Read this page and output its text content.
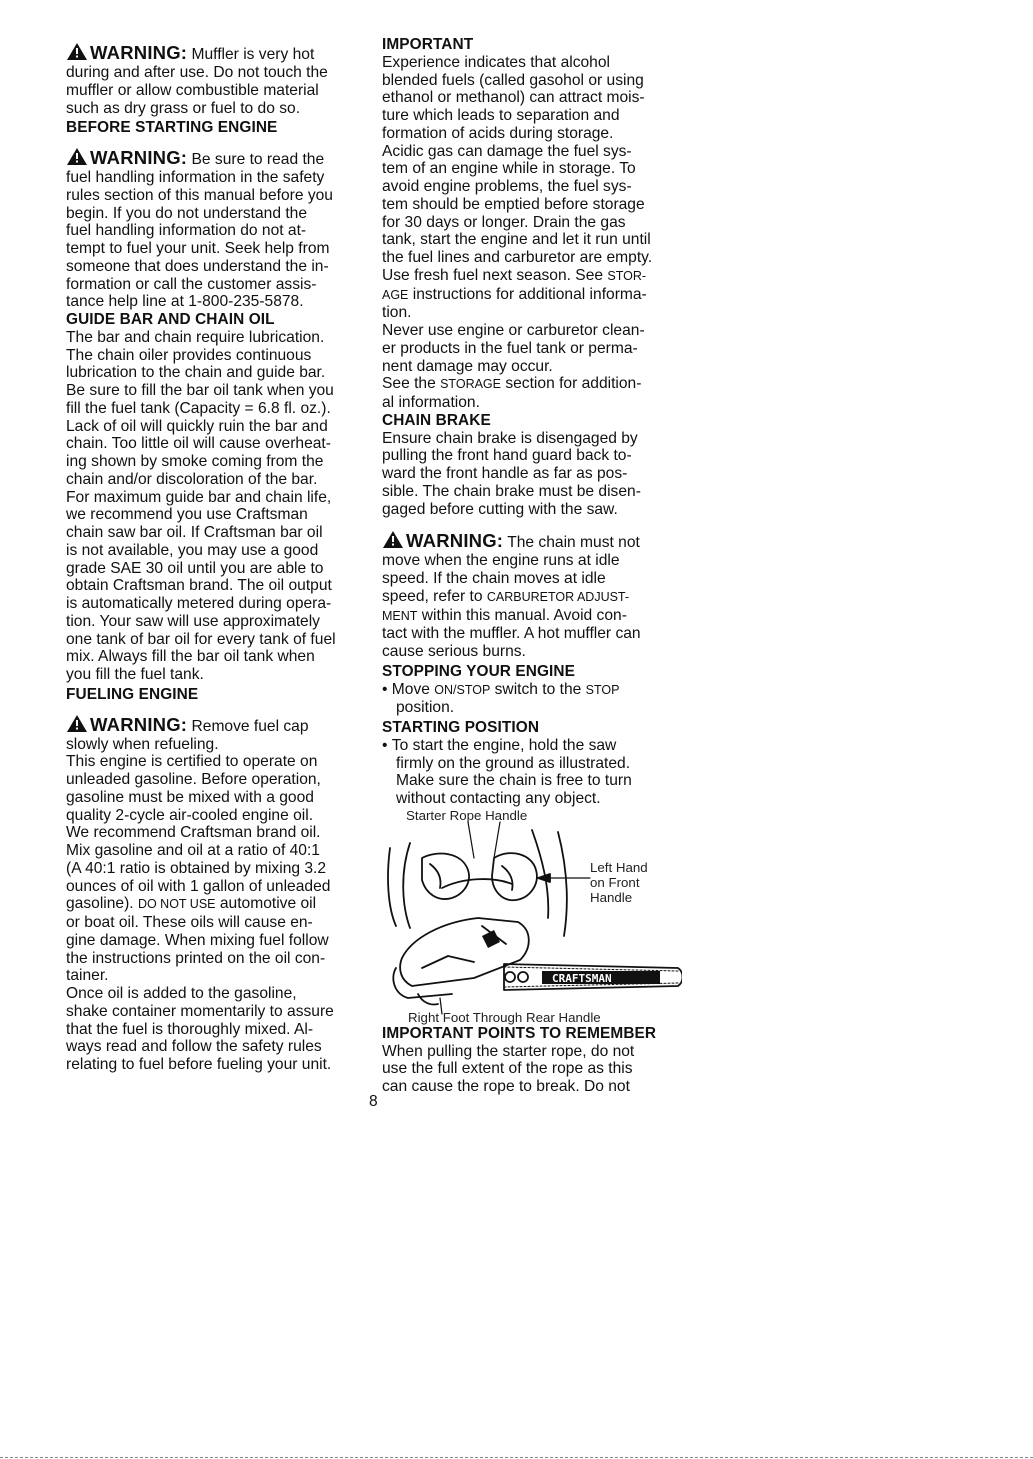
WARNING: Muffler is very hot
during and after use. Do not touch the
muffler or allow combustible material
such as dry grass or fuel to do so.
BEFORE STARTING ENGINE
WARNING: Be sure to read the
fuel handling information in the safety
rules section of this manual before you
begin. If you do not understand the
fuel handling information do not at-
tempt to fuel your unit. Seek help from
someone that does understand the in-
formation or call the customer assis-
tance help line at 1-800-235-5878.
GUIDE BAR AND CHAIN OIL
The bar and chain require lubrication.
The chain oiler provides continuous
lubrication to the chain and guide bar.
Be sure to fill the bar oil tank when you
fill the fuel tank (Capacity = 6.8 fl. oz.).
Lack of oil will quickly ruin the bar and
chain. Too little oil will cause overheat-
ing shown by smoke coming from the
chain and/or discoloration of the bar.
For maximum guide bar and chain life,
we recommend you use Craftsman
chain saw bar oil. If Craftsman bar oil
is not available, you may use a good
grade SAE 30 oil until you are able to
obtain Craftsman brand. The oil output
is automatically metered during opera-
tion. Your saw will use approximately
one tank of bar oil for every tank of fuel
mix. Always fill the bar oil tank when
you fill the fuel tank.
FUELING ENGINE
WARNING: Remove fuel cap
slowly when refueling.
This engine is certified to operate on
unleaded gasoline. Before operation,
gasoline must be mixed with a good
quality 2-cycle air-cooled engine oil.
We recommend Craftsman brand oil.
Mix gasoline and oil at a ratio of 40:1
(A 40:1 ratio is obtained by mixing 3.2
ounces of oil with 1 gallon of unleaded
gasoline). DO NOT USE automotive oil
or boat oil. These oils will cause en-
gine damage. When mixing fuel follow
the instructions printed on the oil con-
tainer.
Once oil is added to the gasoline,
shake container momentarily to assure
that the fuel is thoroughly mixed. Al-
ways read and follow the safety rules
relating to fuel before fueling your unit.
IMPORTANT
Experience indicates that alcohol
blended fuels (called gasohol or using
ethanol or methanol) can attract mois-
ture which leads to separation and
formation of acids during storage.
Acidic gas can damage the fuel sys-
tem of an engine while in storage. To
avoid engine problems, the fuel sys-
tem should be emptied before storage
for 30 days or longer. Drain the gas
tank, start the engine and let it run until
the fuel lines and carburetor are empty.
Use fresh fuel next season. See STOR-
AGE instructions for additional informa-
tion.
Never use engine or carburetor clean-
er products in the fuel tank or perma-
nent damage may occur.
See the STORAGE section for addition-
al information.
CHAIN BRAKE
Ensure chain brake is disengaged by
pulling the front hand guard back to-
ward the front handle as far as pos-
sible. The chain brake must be disen-
gaged before cutting with the saw.
WARNING: The chain must not
move when the engine runs at idle
speed. If the chain moves at idle
speed, refer to CARBURETOR ADJUST-
MENT within this manual. Avoid con-
tact with the muffler. A hot muffler can
cause serious burns.
STOPPING YOUR ENGINE
• Move ON/STOP switch to the STOP
position.
STARTING POSITION
• To start the engine, hold the saw
firmly on the ground as illustrated.
Make sure the chain is free to turn
without contacting any object.
Starter Rope Handle
CRAFTSMAN
Left Hand
on Front
Handle
Right Foot Through Rear Handle
IMPORTANT POINTS TO REMEMBER
When pulling the starter rope, do not
use the full extent of the rope as this
can cause the rope to break. Do not
8
